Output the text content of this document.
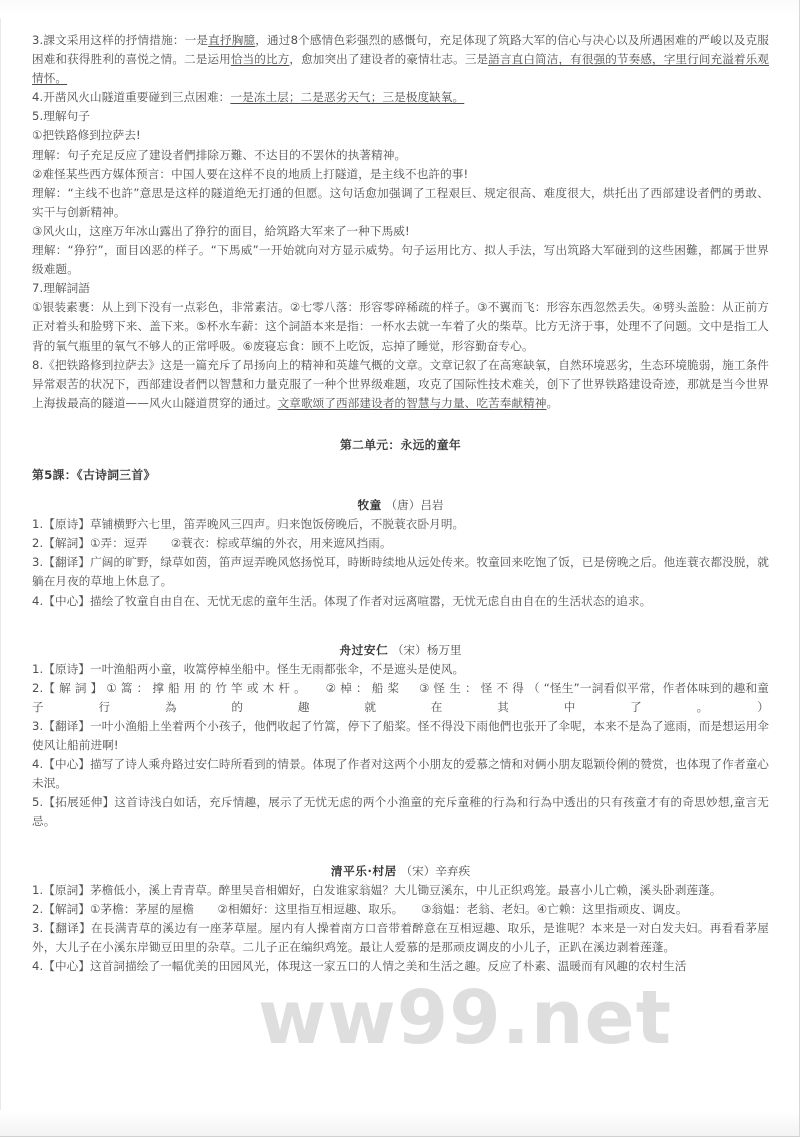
ww99.net

3.課文采用这样的抒情措施：一是直抒胸臆，通过8个感情色彩强烈的感慨句，充足体现了筑路大军的信心与决心以及所遇困难的严峻以及克服困难和获得胜利的喜悦之情。二是运用恰当的比方，愈加突出了建设者的豪情壮志。三是語言直白简洁，有很强的节奏感，字里行间充溢着乐观情怀。

4.开凿风火山隧道重要碰到三点困难：一是冻土层；二是恶劣天气；三是极度缺氧。

5.理解句子

①把铁路修到拉萨去!

理解：句子充足反应了建设者們排除万難、不达目的不罢休的执著精神。

②难怪某些西方媒体预言：中国人要在这样不良的地质上打隧道，是主线不也許的事!

理解：“主线不也許”意思是这样的隧道绝无打通的但愿。这句话愈加强调了工程艰巨、规定很高、难度很大，烘托出了西部建设者們的勇敢、实干与创新精神。

③风火山，这座万年冰山露出了狰狞的面目，給筑路大军来了一种下馬威!

理解：“狰狞”，面目凶恶的样子。“下馬威”一开始就向对方显示威势。句子运用比方、拟人手法，写出筑路大军碰到的这些困難，都属于世界级难题。

7.理解詞語

①银装素裹：从上到下没有一点彩色，非常素洁。②七零八落：形容零碎稀疏的样子。③不翼而飞：形容东西忽然丢失。④劈头盖脸：从正前方正对着头和脸劈下来、盖下来。⑤杯水车薪：这个詞語本来是指：一杯水去就一车着了火的柴草。比方无济于事，处理不了问题。文中是指工人背的氧气瓶里的氧气不够人的正常呼吸。⑥废寝忘食：顾不上吃饭，忘掉了睡觉，形容勤奋专心。

8.《把铁路修到拉萨去》这是一篇充斥了昂扬向上的精神和英雄气概的文章。文章记叙了在高寒缺氧，自然环境恶劣，生态环境脆弱，施工条件异常艰苦的状况下，西部建设者們以智慧和力量克服了一种个世界级难题，攻克了国际性技术难关，创下了世界铁路建设奇迹，那就是当今世界上海拔最高的隧道——风火山隧道贯穿的通过。文章歌颂了西部建设者的智慧与力量、吃苦奉献精神。

第二单元：永远的童年
第5課：《古诗詞三首》
牧童 （唐）吕岩

1.【原诗】草铺横野六七里，笛弄晚风三四声。归来饱饭傍晚后，不脱蓑衣卧月明。

2.【解詞】①弄：逗弄　　②蓑衣：棕或草编的外衣，用来遮风挡雨。

3.【翻译】广阔的旷野，绿草如茵，笛声逗弄晚风悠扬悦耳，時断時续地从远处传来。牧童回来吃饱了饭，已是傍晚之后。他连蓑衣都没脱，就躺在月夜的草地上休息了。

4.【中心】描绘了牧童自由自在、无忧无虑的童年生活。体現了作者对远离喧嚣，无忧无虑自由自在的生活状态的追求。

舟过安仁 （宋）杨万里

1.【原诗】一叶渔船两小童，收篙停棹坐船中。怪生无雨都张伞，不是遮头是使风。

2.【 解 詞 】 ① 篙 ： 撑 船 用 的 竹 竿 或 木 杆 。 　 ② 棹 ： 船 桨 　 ③ 怪 生 ： 怪 不 得 （ “怪生”一詞看似平常，作者体味到的趣和童子行為的趣就在其中了。）

3.【翻译】一叶小渔船上坐着两个小孩子，他們收起了竹篙，停下了船桨。怪不得没下雨他們也张开了伞呢，本来不是為了遮雨，而是想运用伞使风让船前进啊!

4.【中心】描写了诗人乘舟路过安仁時所看到的情景。体現了作者对这两个小朋友的爱慕之情和对俩小朋友聪颖伶俐的赞赏，也体現了作者童心未泯。

5.【拓展延伸】这首诗浅白如话，充斥情趣，展示了无忧无虑的两个小渔童的充斥童稚的行為和行為中透出的只有孩童才有的奇思妙想,童言无忌。

清平乐·村居 （宋）辛弃疾

1.【原詞】茅檐低小，溪上青青草。醉里吴音相媚好，白发谁家翁媪？大儿锄豆溪东，中儿正织鸡笼。最喜小儿亡赖，溪头卧剥莲蓬。

2.【解詞】①茅檐：茅屋的屋檐　　②相媚好：这里指互相逗趣、取乐。　　③翁媪：老翁、老妇。④亡赖：这里指顽皮、调皮。

3.【翻译】在長满青草的溪边有一座茅草屋。屋内有人操着南方口音带着醉意在互相逗趣、取乐，是谁呢？本来是一对白发夫妇。再看看茅屋外，大儿子在小溪东岸锄豆田里的杂草。二儿子正在编织鸡笼。最让人爱慕的是那顽皮调皮的小儿子，正趴在溪边剥着莲蓬。

4.【中心】这首詞描绘了一幅优美的田园风光，体現这一家五口的人情之美和生活之趣。反应了朴素、温暖而有风趣的农村生活
